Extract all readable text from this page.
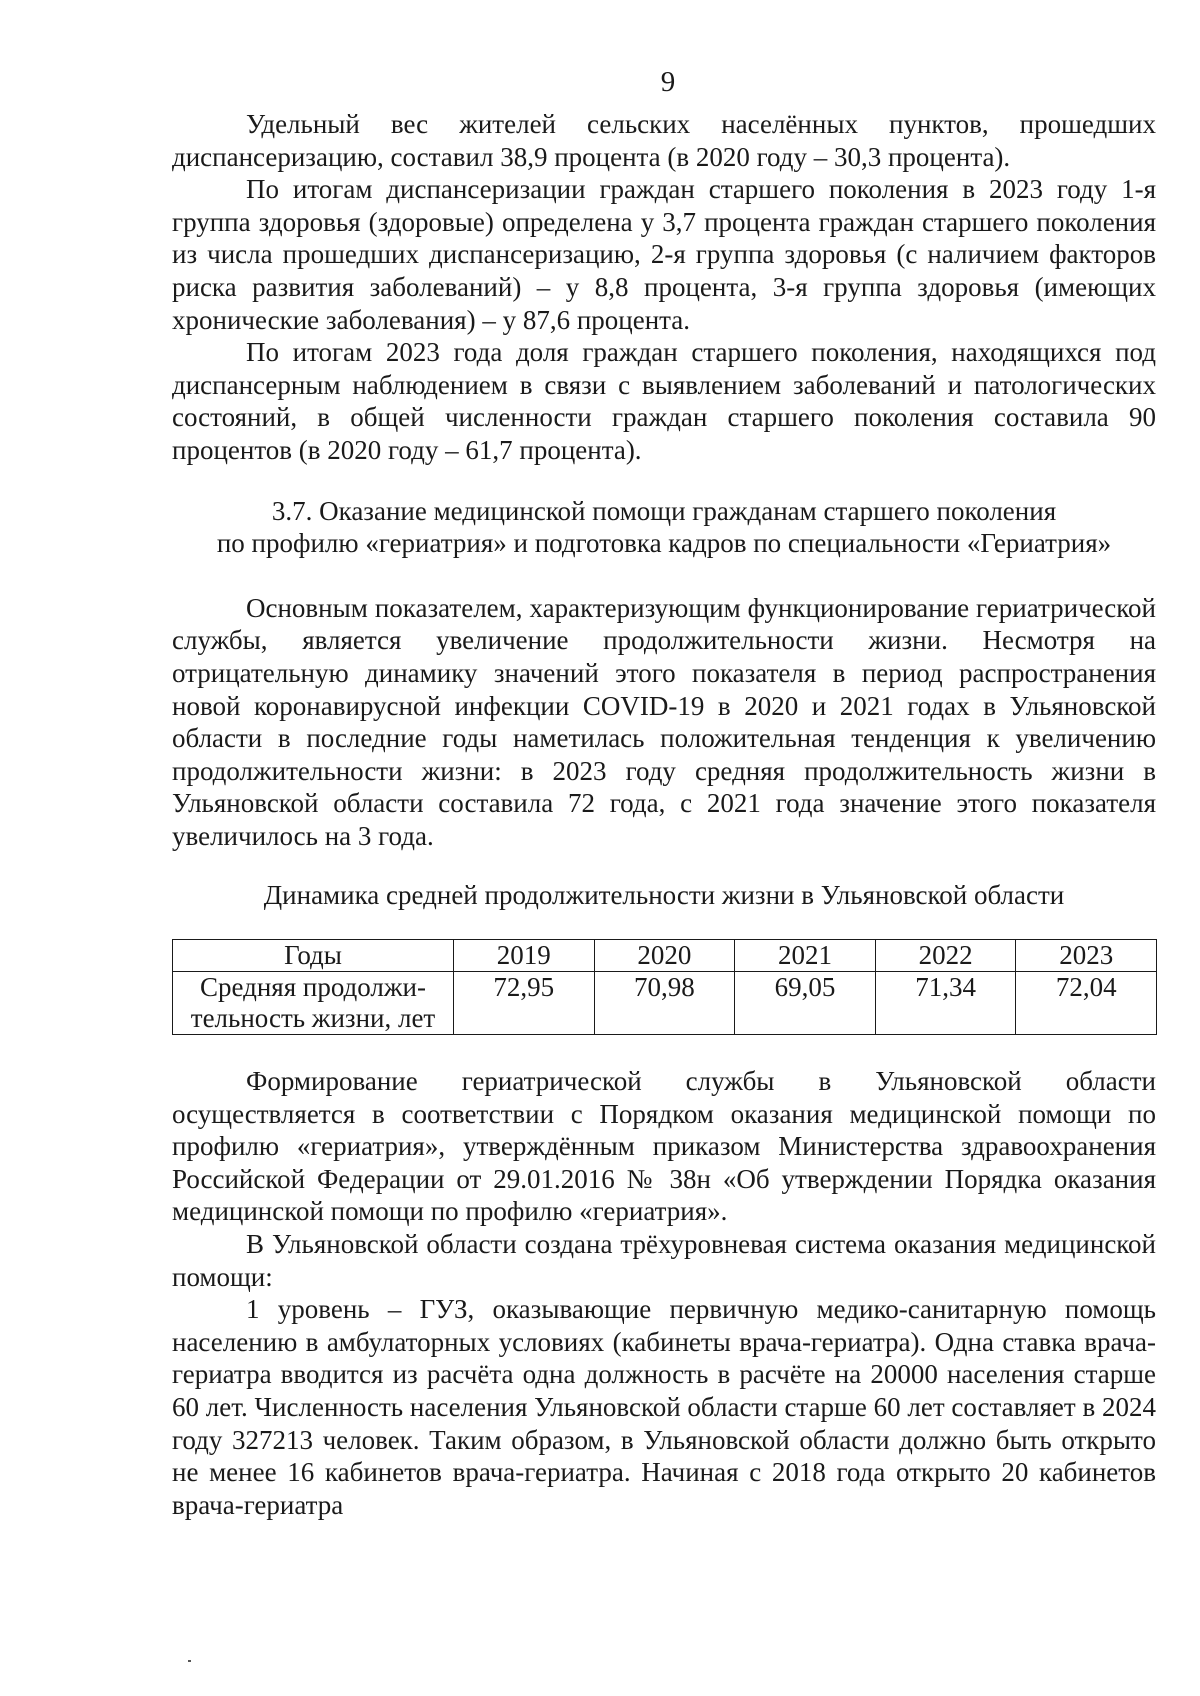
9

Удельный вес жителей сельских населённых пунктов, прошедших диспансеризацию, составил 38,9 процента (в 2020 году – 30,3 процента).

По итогам диспансеризации граждан старшего поколения в 2023 году 1-я группа здоровья (здоровые) определена у 3,7 процента граждан старшего поколения из числа прошедших диспансеризацию, 2-я группа здоровья (с наличием факторов риска развития заболеваний) – у 8,8 процента, 3-я группа здоровья (имеющих хронические заболевания) – у 87,6 процента.

По итогам 2023 года доля граждан старшего поколения, находящихся под диспансерным наблюдением в связи с выявлением заболеваний и патологических состояний, в общей численности граждан старшего поколения составила 90 процентов (в 2020 году – 61,7 процента).

3.7. Оказание медицинской помощи гражданам старшего поколения
по профилю «гериатрия» и подготовка кадров по специальности «Гериатрия»

Основным показателем, характеризующим функционирование гериатрической службы, является увеличение продолжительности жизни. Несмотря на отрицательную динамику значений этого показателя в период распространения новой коронавирусной инфекции COVID-19 в 2020 и 2021 годах в Ульяновской области в последние годы наметилась положительная тенденция к увеличению продолжительности жизни: в 2023 году средняя продолжительность жизни в Ульяновской области составила 72 года, с 2021 года значение этого показателя увеличилось на 3 года.

Динамика средней продолжительности жизни в Ульяновской области
Годы	2019	2020	2021	2022	2023

Средняя продолжи-
тельность жизни, лет	72,95	70,98	69,05	71,34	72,04

Формирование гериатрической службы в Ульяновской области осуществляется в соответствии с Порядком оказания медицинской помощи по профилю «гериатрия», утверждённым приказом Министерства здравоохранения Российской Федерации от 29.01.2016 № 38н «Об утверждении Порядка оказания медицинской помощи по профилю «гериатрия».

В Ульяновской области создана трёхуровневая система оказания медицинской помощи:

1 уровень – ГУЗ, оказывающие первичную медико-санитарную помощь населению в амбулаторных условиях (кабинеты врача-гериатра). Одна ставка врача-гериатра вводится из расчёта одна должность в расчёте на 20000 населения старше 60 лет. Численность населения Ульяновской области старше 60 лет составляет в 2024 году 327213 человек. Таким образом, в Ульяновской области должно быть открыто не менее 16 кабинетов врача-гериатра. Начиная с 2018 года открыто 20 кабинетов врача-гериатра
